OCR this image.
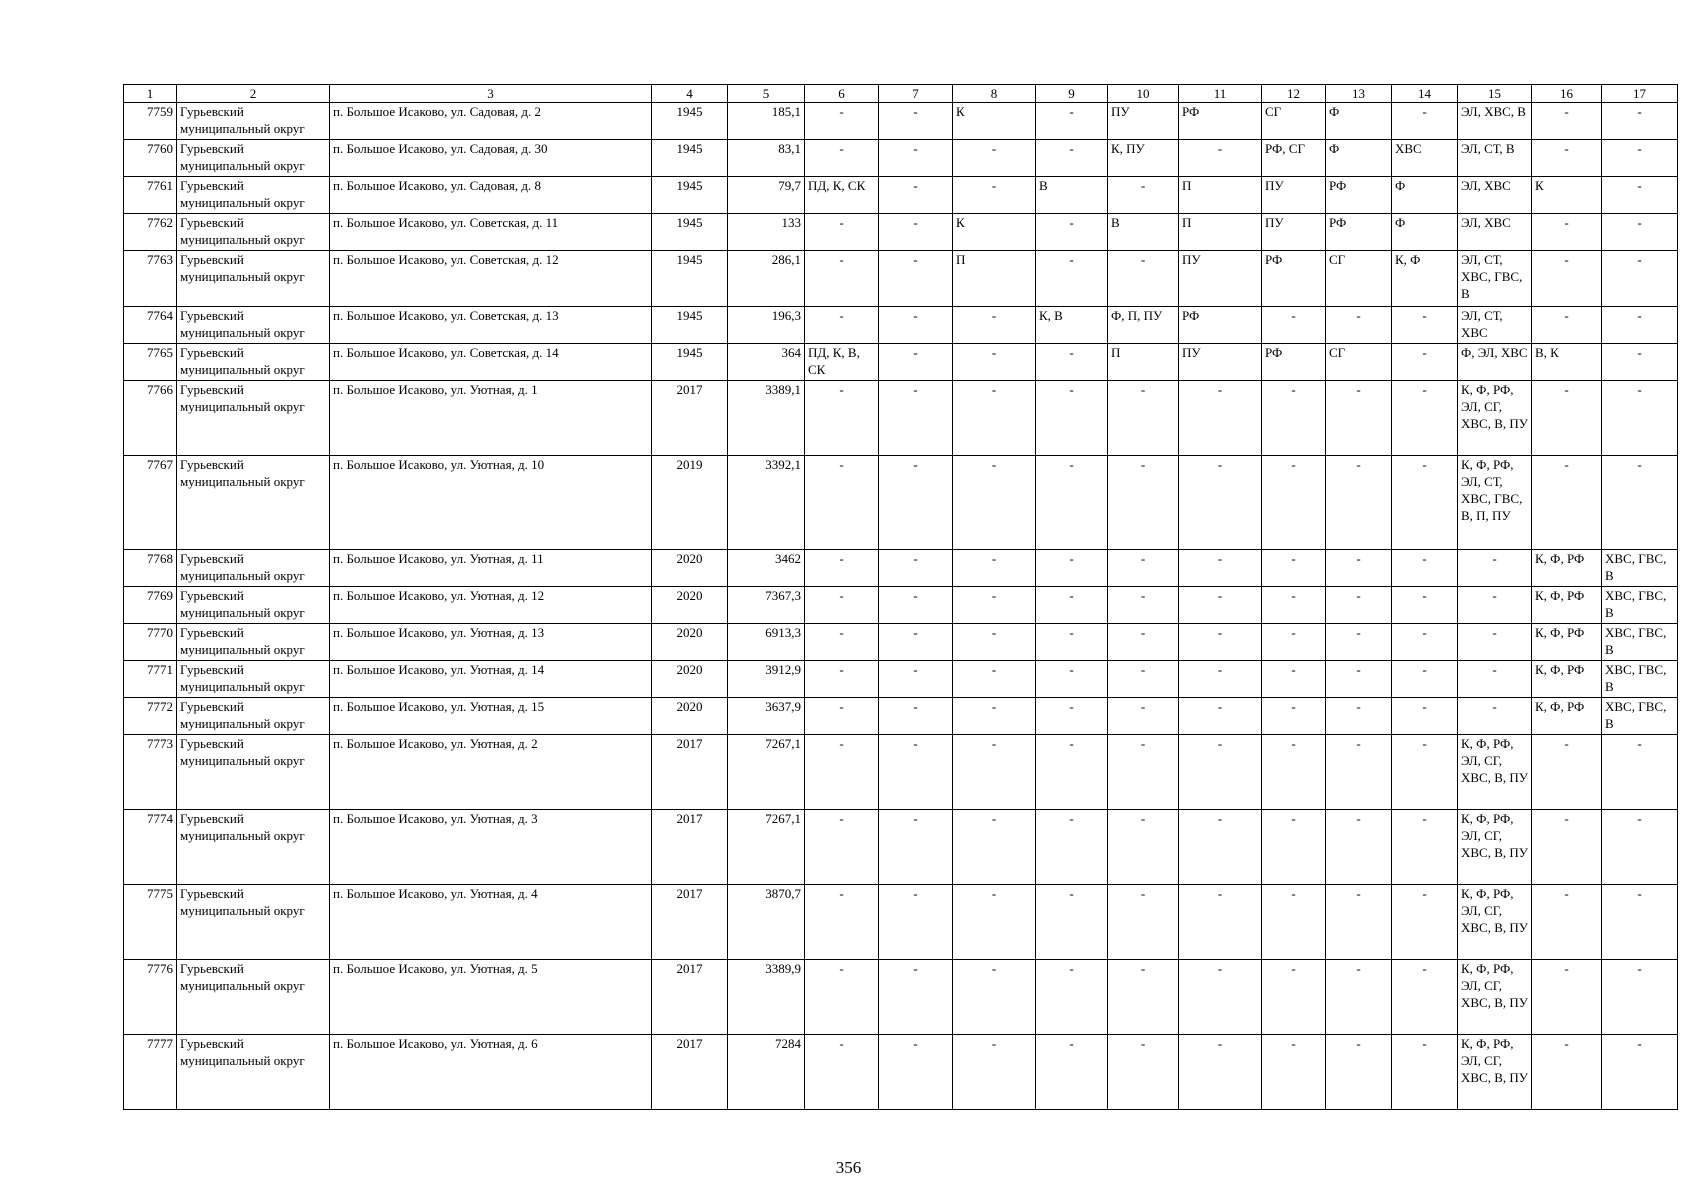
1	2	3	4	5	6	7	8	9	10	11	12	13	14	15	16	17
7759	Гурьевский муниципальный округ	п. Большое Исаково, ул. Садовая, д. 2	1945	185,1	-	-	К	-	ПУ	РФ	СГ	Ф	-	ЭЛ, ХВС, В	-	-
7760	Гурьевский муниципальный округ	п. Большое Исаково, ул. Садовая, д. 30	1945	83,1	-	-	-	-	К, ПУ	-	РФ, СГ	Ф	ХВС	ЭЛ, СТ, В	-	-
7761	Гурьевский муниципальный округ	п. Большое Исаково, ул. Садовая, д. 8	1945	79,7	ПД, К, СК	-	-	В	-	П	ПУ	РФ	Ф	ЭЛ, ХВС	К	-
7762	Гурьевский муниципальный округ	п. Большое Исаково, ул. Советская, д. 11	1945	133	-	-	К	-	В	П	ПУ	РФ	Ф	ЭЛ, ХВС	-	-
7763	Гурьевский муниципальный округ	п. Большое Исаково, ул. Советская, д. 12	1945	286,1	-	-	П	-	-	ПУ	РФ	СГ	К, Ф	ЭЛ, СТ, ХВС, ГВС, В	-	-
7764	Гурьевский муниципальный округ	п. Большое Исаково, ул. Советская, д. 13	1945	196,3	-	-	-	К, В	Ф, П, ПУ	РФ	-	-	-	ЭЛ, СТ, ХВС	-	-
7765	Гурьевский муниципальный округ	п. Большое Исаково, ул. Советская, д. 14	1945	364	ПД, К, В, СК	-	-	-	П	ПУ	РФ	СГ	-	Ф, ЭЛ, ХВС	В, К	-
7766	Гурьевский муниципальный округ	п. Большое Исаково, ул. Уютная, д. 1	2017	3389,1	-	-	-	-	-	-	-	-	-	К, Ф, РФ, ЭЛ, СГ, ХВС, В, ПУ	-	-
7767	Гурьевский муниципальный округ	п. Большое Исаково, ул. Уютная, д. 10	2019	3392,1	-	-	-	-	-	-	-	-	-	К, Ф, РФ, ЭЛ, СТ, ХВС, ГВС, В, П, ПУ	-	-
7768	Гурьевский муниципальный округ	п. Большое Исаково, ул. Уютная, д. 11	2020	3462	-	-	-	-	-	-	-	-	-	-	К, Ф, РФ	ХВС, ГВС, В
7769	Гурьевский муниципальный округ	п. Большое Исаково, ул. Уютная, д. 12	2020	7367,3	-	-	-	-	-	-	-	-	-	-	К, Ф, РФ	ХВС, ГВС, В
7770	Гурьевский муниципальный округ	п. Большое Исаково, ул. Уютная, д. 13	2020	6913,3	-	-	-	-	-	-	-	-	-	-	К, Ф, РФ	ХВС, ГВС, В
7771	Гурьевский муниципальный округ	п. Большое Исаково, ул. Уютная, д. 14	2020	3912,9	-	-	-	-	-	-	-	-	-	-	К, Ф, РФ	ХВС, ГВС, В
7772	Гурьевский муниципальный округ	п. Большое Исаково, ул. Уютная, д. 15	2020	3637,9	-	-	-	-	-	-	-	-	-	-	К, Ф, РФ	ХВС, ГВС, В
7773	Гурьевский муниципальный округ	п. Большое Исаково, ул. Уютная, д. 2	2017	7267,1	-	-	-	-	-	-	-	-	-	К, Ф, РФ, ЭЛ, СГ, ХВС, В, ПУ	-	-
7774	Гурьевский муниципальный округ	п. Большое Исаково, ул. Уютная, д. 3	2017	7267,1	-	-	-	-	-	-	-	-	-	К, Ф, РФ, ЭЛ, СГ, ХВС, В, ПУ	-	-
7775	Гурьевский муниципальный округ	п. Большое Исаково, ул. Уютная, д. 4	2017	3870,7	-	-	-	-	-	-	-	-	-	К, Ф, РФ, ЭЛ, СГ, ХВС, В, ПУ	-	-
7776	Гурьевский муниципальный округ	п. Большое Исаково, ул. Уютная, д. 5	2017	3389,9	-	-	-	-	-	-	-	-	-	К, Ф, РФ, ЭЛ, СГ, ХВС, В, ПУ	-	-
7777	Гурьевский муниципальный округ	п. Большое Исаково, ул. Уютная, д. 6	2017	7284	-	-	-	-	-	-	-	-	-	К, Ф, РФ, ЭЛ, СГ, ХВС, В, ПУ	-	-
356
